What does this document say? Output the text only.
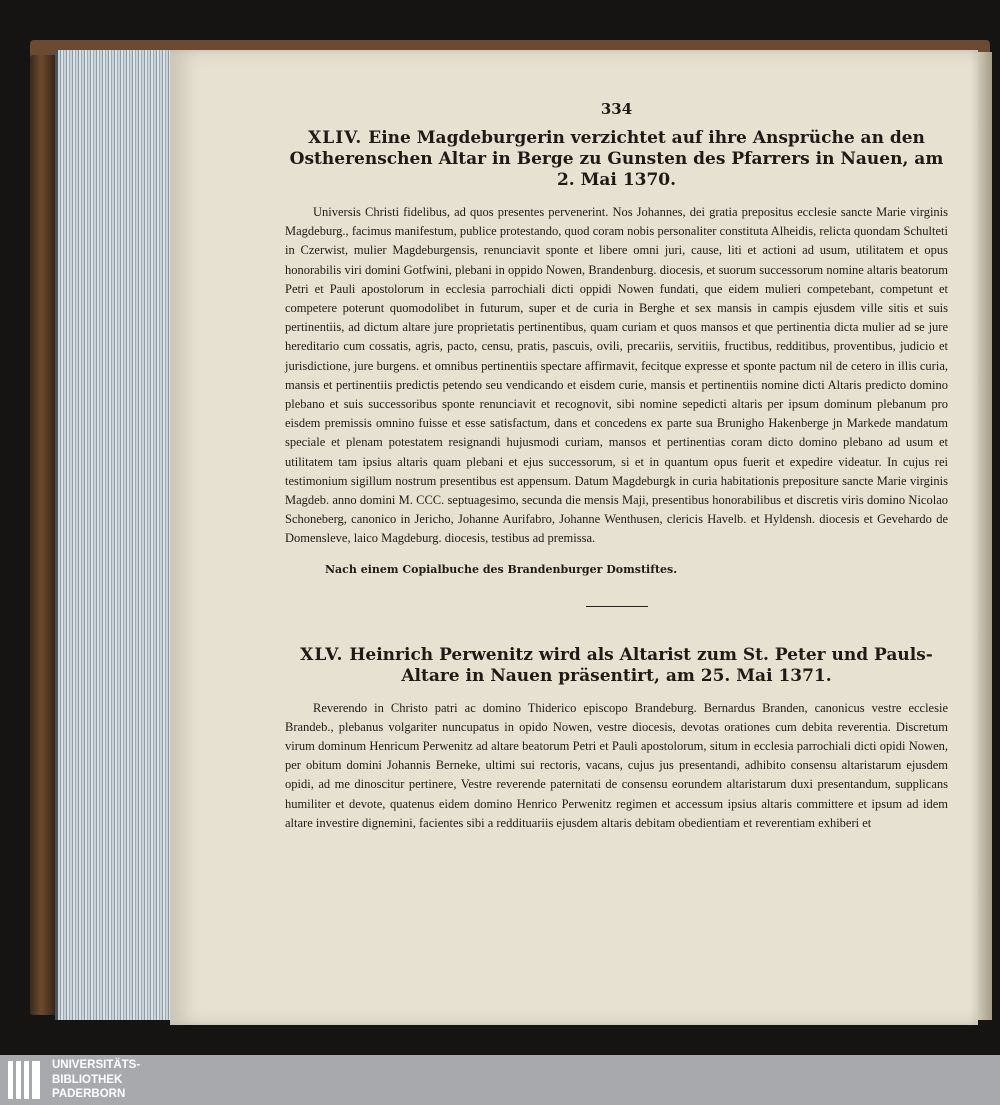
334
XLIV. Eine Magdeburgerin verzichtet auf ihre Ansprüche an den Ostherenschen Altar in Berge zu Gunsten des Pfarrers in Nauen, am 2. Mai 1370.

Universis Christi fidelibus, ad quos presentes pervenerint. Nos Johannes, dei gratia prepositus ecclesie sancte Marie virginis Magdeburg., facimus manifestum, publice protestando, quod coram nobis personaliter constituta Alheidis, relicta quondam Schulteti in Czerwist, mulier Magdeburgensis, renunciavit sponte et libere omni juri, cause, liti et actioni ad usum, utilitatem et opus honorabilis viri domini Gotfwini, plebani in oppido Nowen, Brandenburg. diocesis, et suorum successorum nomine altaris beatorum Petri et Pauli apostolorum in ecclesia parrochiali dicti oppidi Nowen fundati, que eidem mulieri competebant, competunt et competere poterunt quomodolibet in futurum, super et de curia in Berghe et sex mansis in campis ejusdem ville sitis et suis pertinentiis, ad dictum altare jure proprietatis pertinentibus, quam curiam et quos mansos et que pertinentia dicta mulier ad se jure hereditario cum cossatis, agris, pacto, censu, pratis, pascuis, ovili, precariis, servitiis, fructibus, redditibus, proventibus, judicio et jurisdictione, jure burgens. et omnibus pertinentiis spectare affirmavit, fecitque expresse et sponte pactum nil de cetero in illis curia, mansis et pertinentiis predictis petendo seu vendicando et eisdem curie, mansis et pertinentiis nomine dicti Altaris predicto domino plebano et suis successoribus sponte renunciavit et recognovit, sibi nomine sepedicti altaris per ipsum dominum plebanum pro eisdem premissis omnino fuisse et esse satisfactum, dans et concedens ex parte sua Brunigho Hakenberge jn Markede mandatum speciale et plenam potestatem resignandi hujusmodi curiam, mansos et pertinentias coram dicto domino plebano ad usum et utilitatem tam ipsius altaris quam plebani et ejus successorum, si et in quantum opus fuerit et expedire videatur. In cujus rei testimonium sigillum nostrum presentibus est appensum. Datum Magdeburgk in curia habitationis prepositure sancte Marie virginis Magdeb. anno domini M. CCC. septuagesimo, secunda die mensis Maji, presentibus honorabilibus et discretis viris domino Nicolao Schoneberg, canonico in Jericho, Johanne Aurifabro, Johanne Wenthusen, clericis Havelb. et Hyldensh. diocesis et Gevehardo de Domensleve, laico Magdeburg. diocesis, testibus ad premissa.

Nach einem Copialbuche des Brandenburger Domstiftes.
XLV. Heinrich Perwenitz wird als Altarist zum St. Peter und Pauls-Altare in Nauen präsentirt, am 25. Mai 1371.

Reverendo in Christo patri ac domino Thiderico episcopo Brandeburg. Bernardus Branden, canonicus vestre ecclesie Brandeb., plebanus volgariter nuncupatus in opido Nowen, vestre diocesis, devotas orationes cum debita reverentia. Discretum virum dominum Henricum Perwenitz ad altare beatorum Petri et Pauli apostolorum, situm in ecclesia parrochiali dicti opidi Nowen, per obitum domini Johannis Berneke, ultimi sui rectoris, vacans, cujus jus presentandi, adhibito consensu altaristarum ejusdem opidi, ad me dinoscitur pertinere, Vestre reverende paternitati de consensu eorundem altaristarum duxi presentandum, supplicans humiliter et devote, quatenus eidem domino Henrico Perwenitz regimen et accessum ipsius altaris committere et ipsum ad idem altare investire dignemini, facientes sibi a reddituariis ejusdem altaris debitam obedientiam et reverentiam exhiberi et

UNIVERSITÄTS-
BIBLIOTHEK
PADERBORN
